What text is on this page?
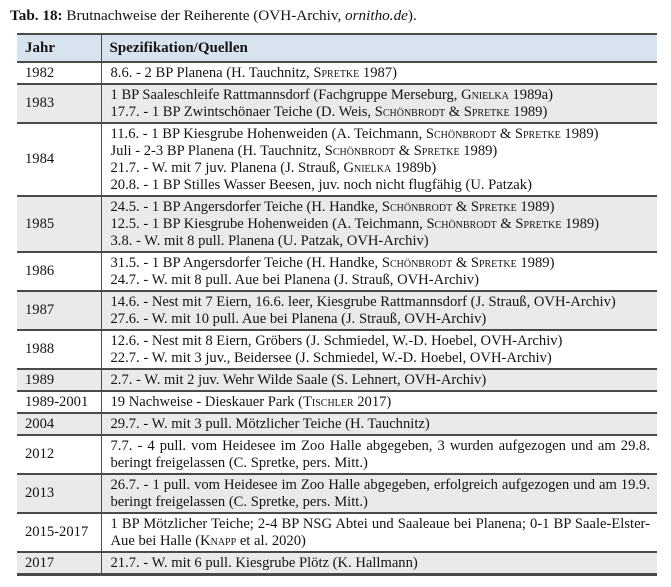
Tab. 18: Brutnachweise der Reiherente (OVH-Archiv, ornitho.de).
Jahr	Spezifikation/Quellen
1982	8.6. - 2 BP Planena (H. Tauchnitz, Spretke 1987)

1983	1 BP Saaleschleife Rattmannsdorf (Fachgruppe Merseburg, Gnielka 1989a)
17.7. - 1 BP Zwintschönaer Teiche (D. Weis, Schönbrodt & Spretke 1989)

1984	11.6. - 1 BP Kiesgrube Hohenweiden (A. Teichmann, Schönbrodt & Spretke 1989)
Juli - 2-3 BP Planena (H. Tauchnitz, Schönbrodt & Spretke 1989)
21.7. - W. mit 7 juv. Planena (J. Strauß, Gnielka 1989b)
20.8. - 1 BP Stilles Wasser Beesen, juv. noch nicht flugfähig (U. Patzak)

1985	24.5. - 1 BP Angersdorfer Teiche (H. Handke, Schönbrodt & Spretke 1989)
12.5. - 1 BP Kiesgrube Hohenweiden (A. Teichmann, Schönbrodt & Spretke 1989)
3.8. - W. mit 8 pull. Planena (U. Patzak, OVH-Archiv)

1986	31.5. - 1 BP Angersdorfer Teiche (H. Handke, Schönbrodt & Spretke 1989)
24.7. - W. mit 8 pull. Aue bei Planena (J. Strauß, OVH-Archiv)

1987	14.6. - Nest mit 7 Eiern, 16.6. leer, Kiesgrube Rattmannsdorf (J. Strauß, OVH-Archiv)
27.6. - W. mit 10 pull. Aue bei Planena (J. Strauß, OVH-Archiv)

1988	12.6. - Nest mit 8 Eiern, Gröbers (J. Schmiedel, W.-D. Hoebel, OVH-Archiv)
22.7. - W. mit 3 juv., Beidersee (J. Schmiedel, W.-D. Hoebel, OVH-Archiv)

1989	2.7. - W. mit 2 juv. Wehr Wilde Saale (S. Lehnert, OVH-Archiv)

1989-2001	19 Nachweise - Dieskauer Park (Tischler 2017)

2004	29.7. - W. mit 3 pull. Mötzlicher Teiche (H. Tauchnitz)

2012	7.7. - 4 pull. vom Heidesee im Zoo Halle abgegeben, 3 wurden aufgezogen und am 29.8. beringt freigelassen (C. Spretke, pers. Mitt.)

2013	26.7. - 1 pull. vom Heidesee im Zoo Halle abgegeben, erfolgreich aufgezogen und am 19.9. beringt freigelassen (C. Spretke, pers. Mitt.)

2015-2017	1 BP Mötzlicher Teiche; 2-4 BP NSG Abtei und Saaleaue bei Planena; 0-1 BP Saale-Elster-Aue bei Halle (Knapp et al. 2020)

2017	21.7. - W. mit 6 pull. Kiesgrube Plötz (K. Hallmann)
